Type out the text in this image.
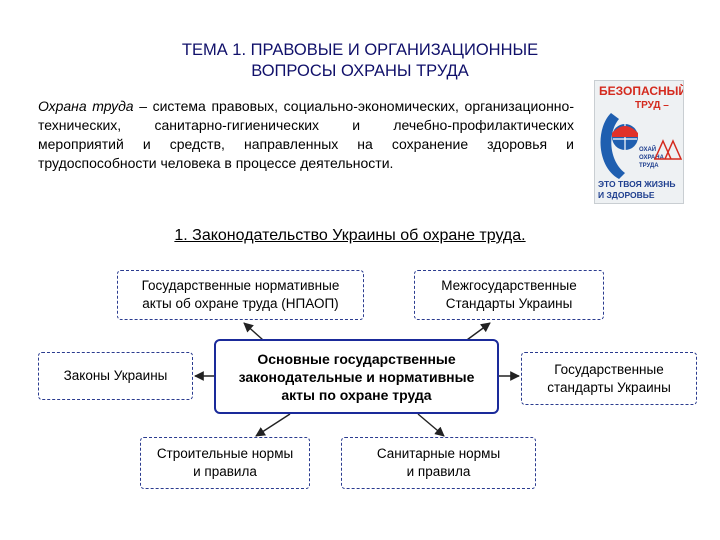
ТЕМА 1. ПРАВОВЫЕ И ОРГАНИЗАЦИОННЫЕ
ВОПРОСЫ ОХРАНЫ ТРУДА
Охрана труда – система правовых, социально-экономических, организационно-технических, санитарно-гигиенических и лечебно-профилактических мероприятий и средств, направленных на сохранение здоровья и трудоспособности человека в процессе деятельности.
БЕЗОПАСНЫЙ
ТРУД –
ОХАЙ
ОХРАНА
ТРУДА
ЭТО ТВОЯ ЖИЗНЬ
И ЗДОРОВЬЕ
1. Законодательство Украины об охране труда.
Государственные нормативные
акты об охране труда (НПАОП)
Межгосударственные
Стандарты Украины
Законы Украины
Основные государственные
законодательные и нормативные
акты по охране труда
Государственные
стандарты Украины
Строительные нормы
и правила
Санитарные нормы
и правила
